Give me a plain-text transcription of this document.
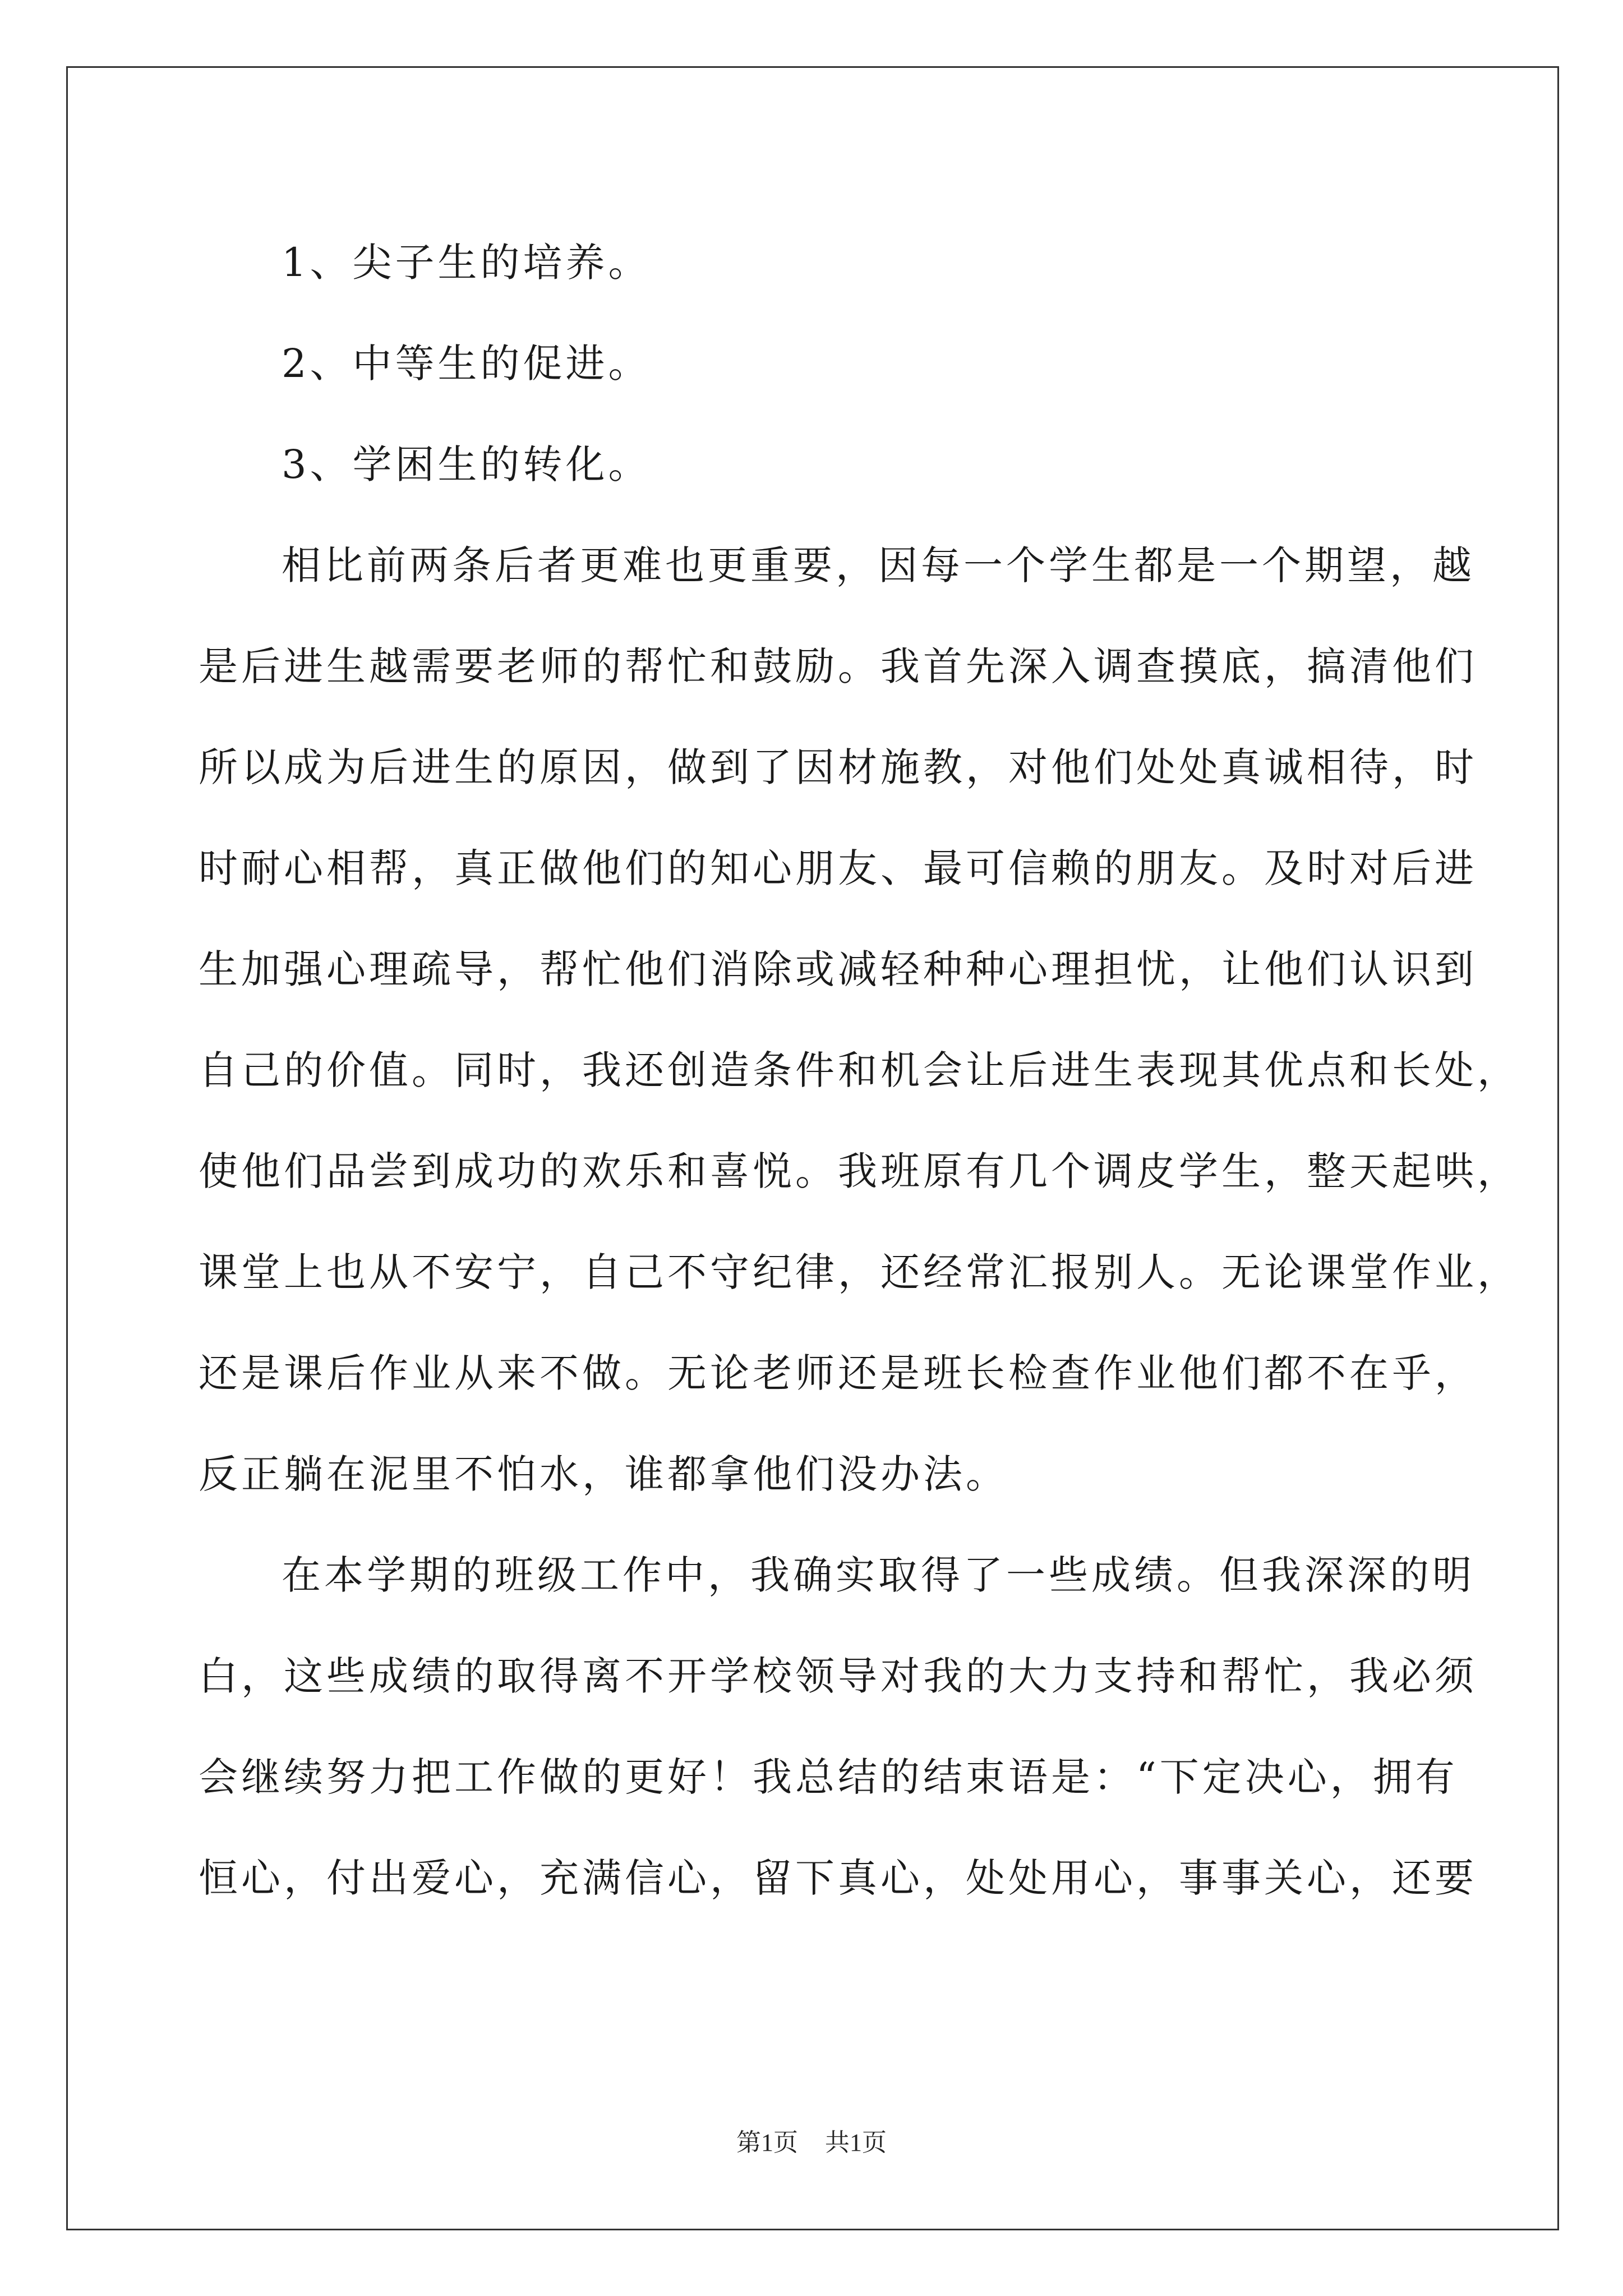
1、尖子生的培养。
2、中等生的促进。
3、学困生的转化。
相比前两条后者更难也更重要，因每一个学生都是一个期望，越
是后进生越需要老师的帮忙和鼓励。我首先深入调查摸底，搞清他们
所以成为后进生的原因，做到了因材施教，对他们处处真诚相待，时
时耐心相帮，真正做他们的知心朋友、最可信赖的朋友。及时对后进
生加强心理疏导，帮忙他们消除或减轻种种心理担忧，让他们认识到
自己的价值。同时，我还创造条件和机会让后进生表现其优点和长处，
使他们品尝到成功的欢乐和喜悦。我班原有几个调皮学生，整天起哄，
课堂上也从不安宁，自己不守纪律，还经常汇报别人。无论课堂作业，
还是课后作业从来不做。无论老师还是班长检查作业他们都不在乎，
反正躺在泥里不怕水，谁都拿他们没办法。
在本学期的班级工作中，我确实取得了一些成绩。但我深深的明
白，这些成绩的取得离不开学校领导对我的大力支持和帮忙，我必须
会继续努力把工作做的更好！我总结的结束语是：“下定决心，拥有
恒心，付出爱心，充满信心，留下真心，处处用心，事事关心，还要
第1页 共1页
